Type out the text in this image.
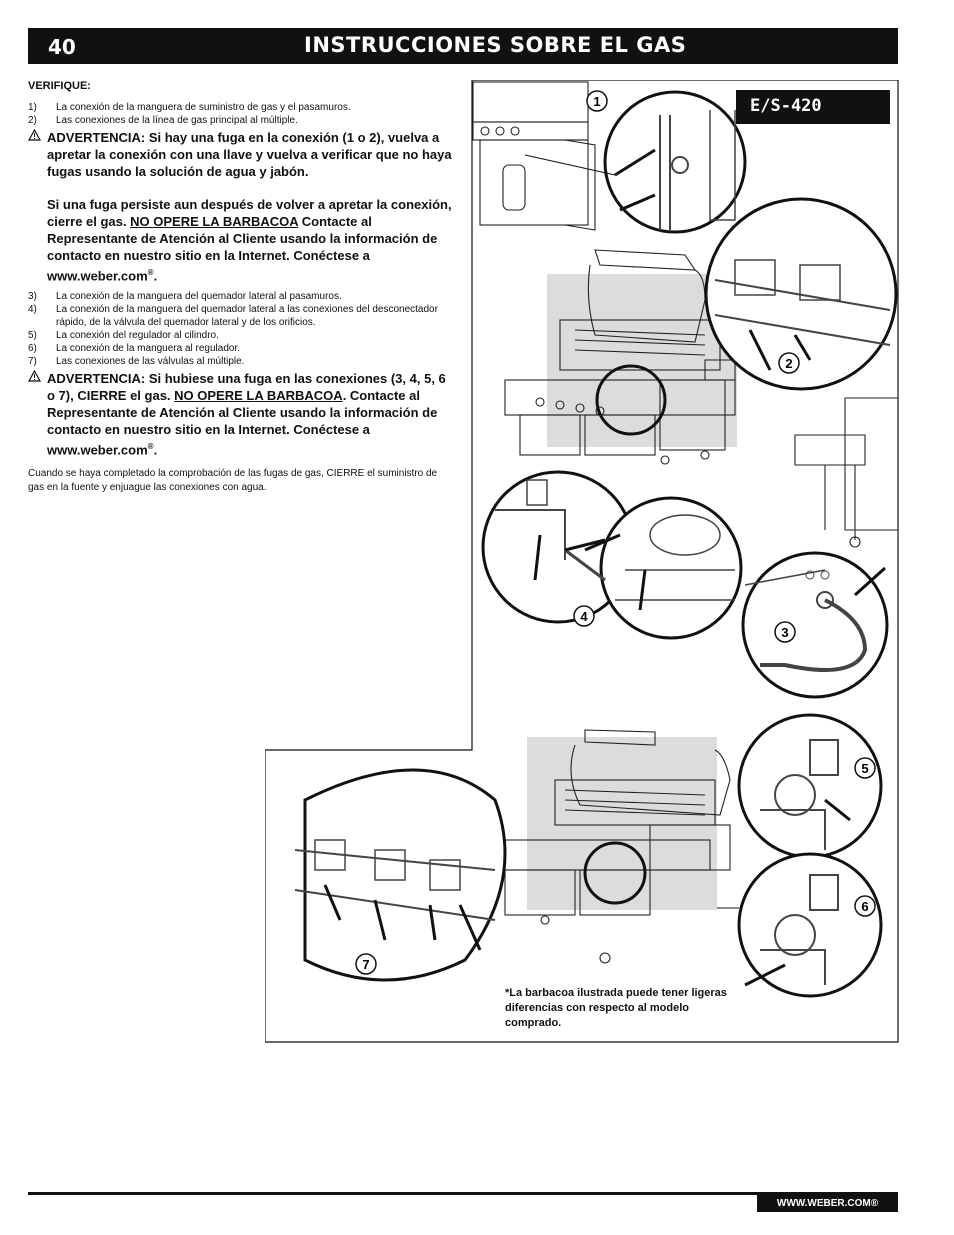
40	INSTRUCCIONES SOBRE EL GAS
VERIFIQUE:
1)	La conexión de la manguera de suministro de gas y el pasamuros.
2)	Las conexiones de la línea de gas principal al múltiple.
ADVERTENCIA: Si hay una fuga en la conexión (1 o 2), vuelva a apretar la conexión con una llave y vuelva a verificar que no haya fugas usando la solución de agua y jabón.
Si una fuga persiste aun después de volver a apretar la conexión, cierre el gas. NO OPERE LA BARBACOA Contacte al Representante de Atención al Cliente usando la información de contacto en nuestro sitio en la Internet. Conéctese a www.weber.com®.
3)	La conexión de la manguera del quemador lateral al pasamuros.
4)	La conexión de la manguera del quemador lateral a las conexiones del desconectador rápido, de la válvula del quemador lateral y de los orificios.
5)	La conexión del regulador al cilindro.
6)	La conexión de la manguera al regulador.
7)	Las conexiones de las válvulas al múltiple.
ADVERTENCIA: Si hubiese una fuga en las conexiones (3, 4, 5, 6 o 7), CIERRE el gas. NO OPERE LA BARBACOA. Contacte al Representante de Atención al Cliente usando la información de contacto en nuestro sitio en la Internet. Conéctese a www.weber.com®.
Cuando se haya completado la comprobación de las fugas de gas, CIERRE el suministro de gas en la fuente y enjuague las conexiones con agua.
1
2
3
4
7
5
6
E/S-420
*La barbacoa ilustrada puede tener ligeras diferencias con respecto al modelo comprado.
WWW.WEBER.COM®
